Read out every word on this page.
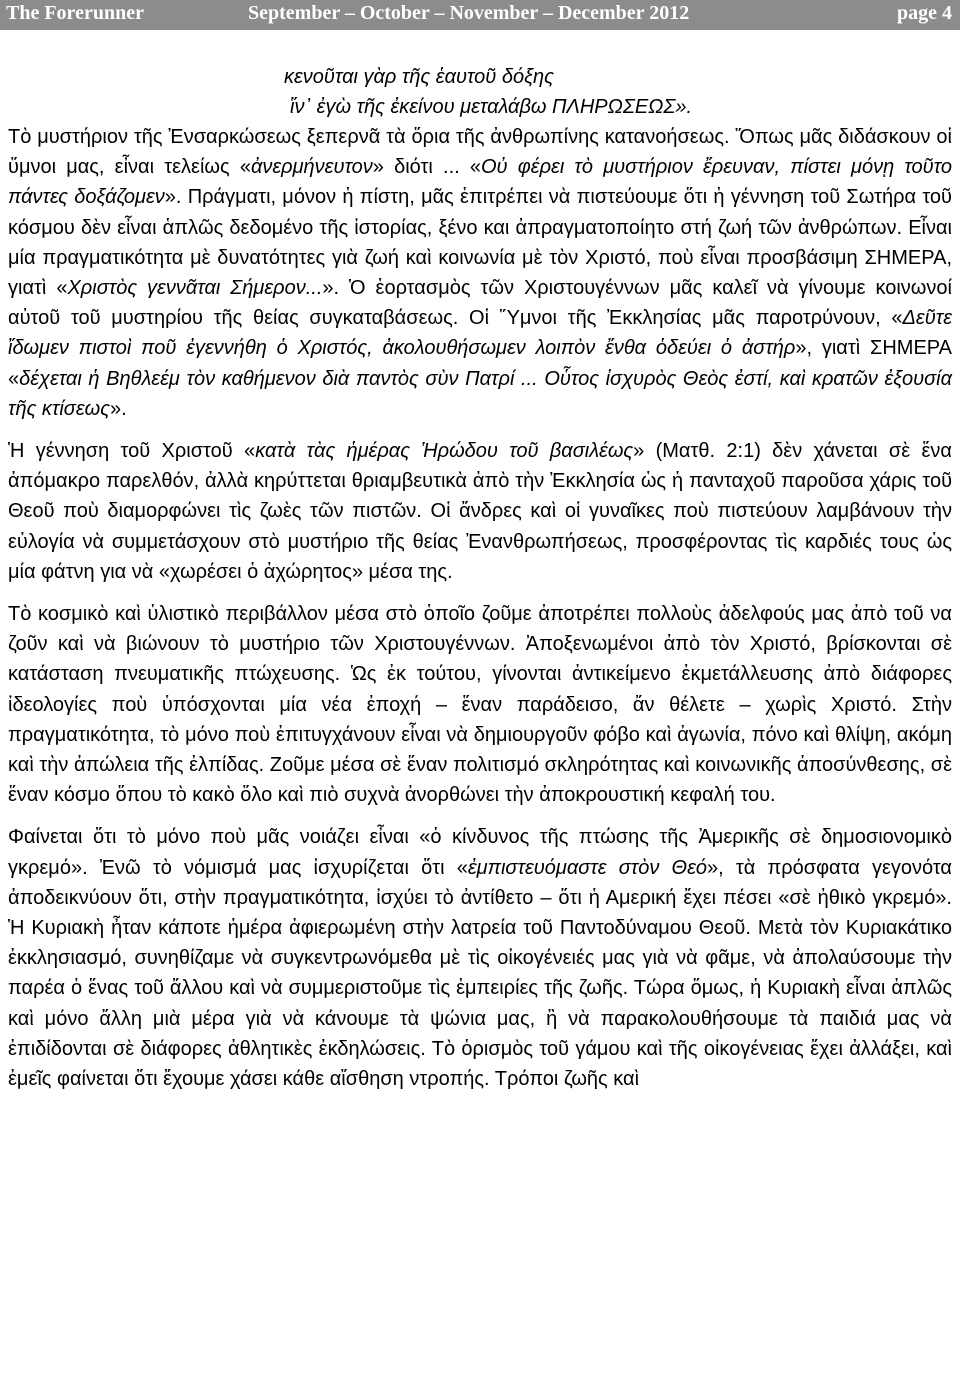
The Forerunner	September – October – November – December 2012	page 4
κενοῦται γὰρ τῆς ἑαυτοῦ δόξης
ἵν᾽ ἐγὼ τῆς ἐκείνου μεταλάβω ΠΛΗΡΩΣΕΩΣ».

Τὸ μυστήριον τῆς Ἐνσαρκώσεως ξεπερνᾶ τὰ ὅρια τῆς ἀνθρωπίνης κατανοήσεως. Ὅπως μᾶς διδάσκουν οἱ ὕμνοι μας, εἶναι τελείως «ἀνερμήνευτον» διότι ... «Οὐ φέρει τὸ μυστήριον ἔρευναν, πίστει μόνῃ τοῦτο πάντες δοξάζομεν». Πράγματι, μόνον ἡ πίστη, μᾶς ἐπιτρέπει νὰ πιστεύουμε ὅτι ἡ γέννηση τοῦ Σωτήρα τοῦ κόσμου δὲν εἶναι ἁπλῶς δεδομένο τῆς ἱστορίας, ξένο και ἀπραγματοποίητο στή ζωή τῶν ἀνθρώπων. Εἶναι μία πραγματικότητα μὲ δυνατότητες γιὰ ζωή καὶ κοινωνία μὲ τὸν Χριστό, ποὺ εἶναι προσβάσιμη ΣΗΜΕΡΑ, γιατὶ «Χριστὸς γεννᾶται Σήμερον...». Ὁ ἑορτασμὸς τῶν Χριστουγέννων μᾶς καλεῖ νὰ γίνουμε κοινωνοί αὐτοῦ τοῦ μυστηρίου τῆς θείας συγκαταβάσεως. Οἱ Ὕμνοι τῆς Ἐκκλησίας μᾶς παροτρύνουν, «Δεῦτε ἴδωμεν πιστοὶ ποῦ ἐγεννήθη ὁ Χριστός, ἀκολουθήσωμεν λοιπὸν ἔνθα ὁδεύει ὁ ἀστήρ», γιατὶ ΣΗΜΕΡΑ «δέχεται ἡ Βηθλεέμ τὸν καθήμενον διὰ παντὸς σὺν Πατρί ... Οὗτος ἰσχυρὸς Θεὸς ἐστί, καὶ κρατῶν ἐξουσία τῆς κτίσεως».

Ἡ γέννηση τοῦ Χριστοῦ «κατὰ τὰς ἡμέρας Ἡρώδου τοῦ βασιλέως» (Ματθ. 2:1) δὲν χάνεται σὲ ἕνα ἀπόμακρο παρελθόν, ἀλλὰ κηρύττεται θριαμβευτικὰ ἀπὸ τὴν Ἐκκλησία ὡς ἡ πανταχοῦ παροῦσα χάρις τοῦ Θεοῦ ποὺ διαμορφώνει τὶς ζωὲς τῶν πιστῶν. Οἱ ἄνδρες καὶ οἱ γυναῖκες ποὺ πιστεύουν λαμβάνουν τὴν εὐλογία νὰ συμμετάσχουν στὸ μυστήριο τῆς θείας Ἐνανθρωπήσεως, προσφέροντας τὶς καρδιές τους ὡς μία φάτνη για νὰ «χωρέσει ὁ ἀχώρητος» μέσα της.

Τὸ κοσμικὸ καὶ ὑλιστικὸ περιβάλλον μέσα στὸ ὁποῖο ζοῦμε ἀποτρέπει πολλοὺς ἀδελφούς μας ἀπὸ τοῦ να ζοῦν καὶ νὰ βιώνουν τὸ μυστήριο τῶν Χριστουγέννων. Ἀποξενωμένοι ἀπὸ τὸν Χριστό, βρίσκονται σὲ κατάσταση πνευματικῆς πτώχευσης. Ὡς ἐκ τούτου, γίνονται ἀντικείμενο ἐκμετάλλευσης ἀπὸ διάφορες ἰδεολογίες ποὺ ὑπόσχονται μία νέα ἐποχή – ἕναν παράδεισο, ἄν θέλετε – χωρὶς Χριστό. Στὴν πραγματικότητα, τὸ μόνο ποὺ ἐπιτυγχάνουν εἶναι νὰ δημιουργοῦν φόβο καὶ ἀγωνία, πόνο καὶ θλίψη, ακόμη καὶ τὴν ἀπώλεια τῆς ἐλπίδας. Ζοῦμε μέσα σὲ ἕναν πολιτισμό σκληρότητας καὶ κοινωνικῆς ἀποσύνθεσης, σὲ ἕναν κόσμο ὅπου τὸ κακὸ ὅλο καὶ πιὸ συχνὰ ἀνορθώνει τὴν ἀποκρουστική κεφαλή του.

Φαίνεται ὅτι τὸ μόνο ποὺ μᾶς νοιάζει εἶναι «ὁ κίνδυνος τῆς πτώσης τῆς Ἀμερικῆς σὲ δημοσιονομικὸ γκρεμό». Ἐνῶ τὸ νόμισμά μας ἰσχυρίζεται ὅτι «ἐμπιστευόμαστε στὸν Θεό», τὰ πρόσφατα γεγονότα ἀποδεικνύουν ὅτι, στὴν πραγματικότητα, ἰσχύει τὸ ἀντίθετο – ὅτι ἡ Αμερική ἔχει πέσει «σὲ ἠθικὸ γκρεμό». Ἡ Κυριακὴ ἦταν κάποτε ἡμέρα ἀφιερωμένη στὴν λατρεία τοῦ Παντοδύναμου Θεοῦ. Μετὰ τὸν Κυριακάτικο ἐκκλησιασμό, συνηθίζαμε νὰ συγκεντρωνόμεθα μὲ τὶς οἰκογένειές μας γιὰ νὰ φᾶμε, νὰ ἀπολαύσουμε τὴν παρέα ὁ ἕνας τοῦ ἄλλου καὶ νὰ συμμεριστοῦμε τὶς ἐμπειρίες τῆς ζωῆς. Τώρα ὅμως, ἡ Κυριακὴ εἶναι ἁπλῶς καὶ μόνο ἄλλη μιὰ μέρα γιὰ νὰ κάνουμε τὰ ψώνια μας, ἢ νὰ παρακολουθήσουμε τὰ παιδιά μας νὰ ἐπιδίδονται σὲ διάφορες ἀθλητικὲς ἐκδηλώσεις. Τὸ ὁρισμὸς τοῦ γάμου καὶ τῆς οἰκογένειας ἔχει ἀλλάξει, καὶ ἐμεῖς φαίνεται ὅτι ἔχουμε χάσει κάθε αἴσθηση ντροπής. Τρόποι ζωῆς καὶ
